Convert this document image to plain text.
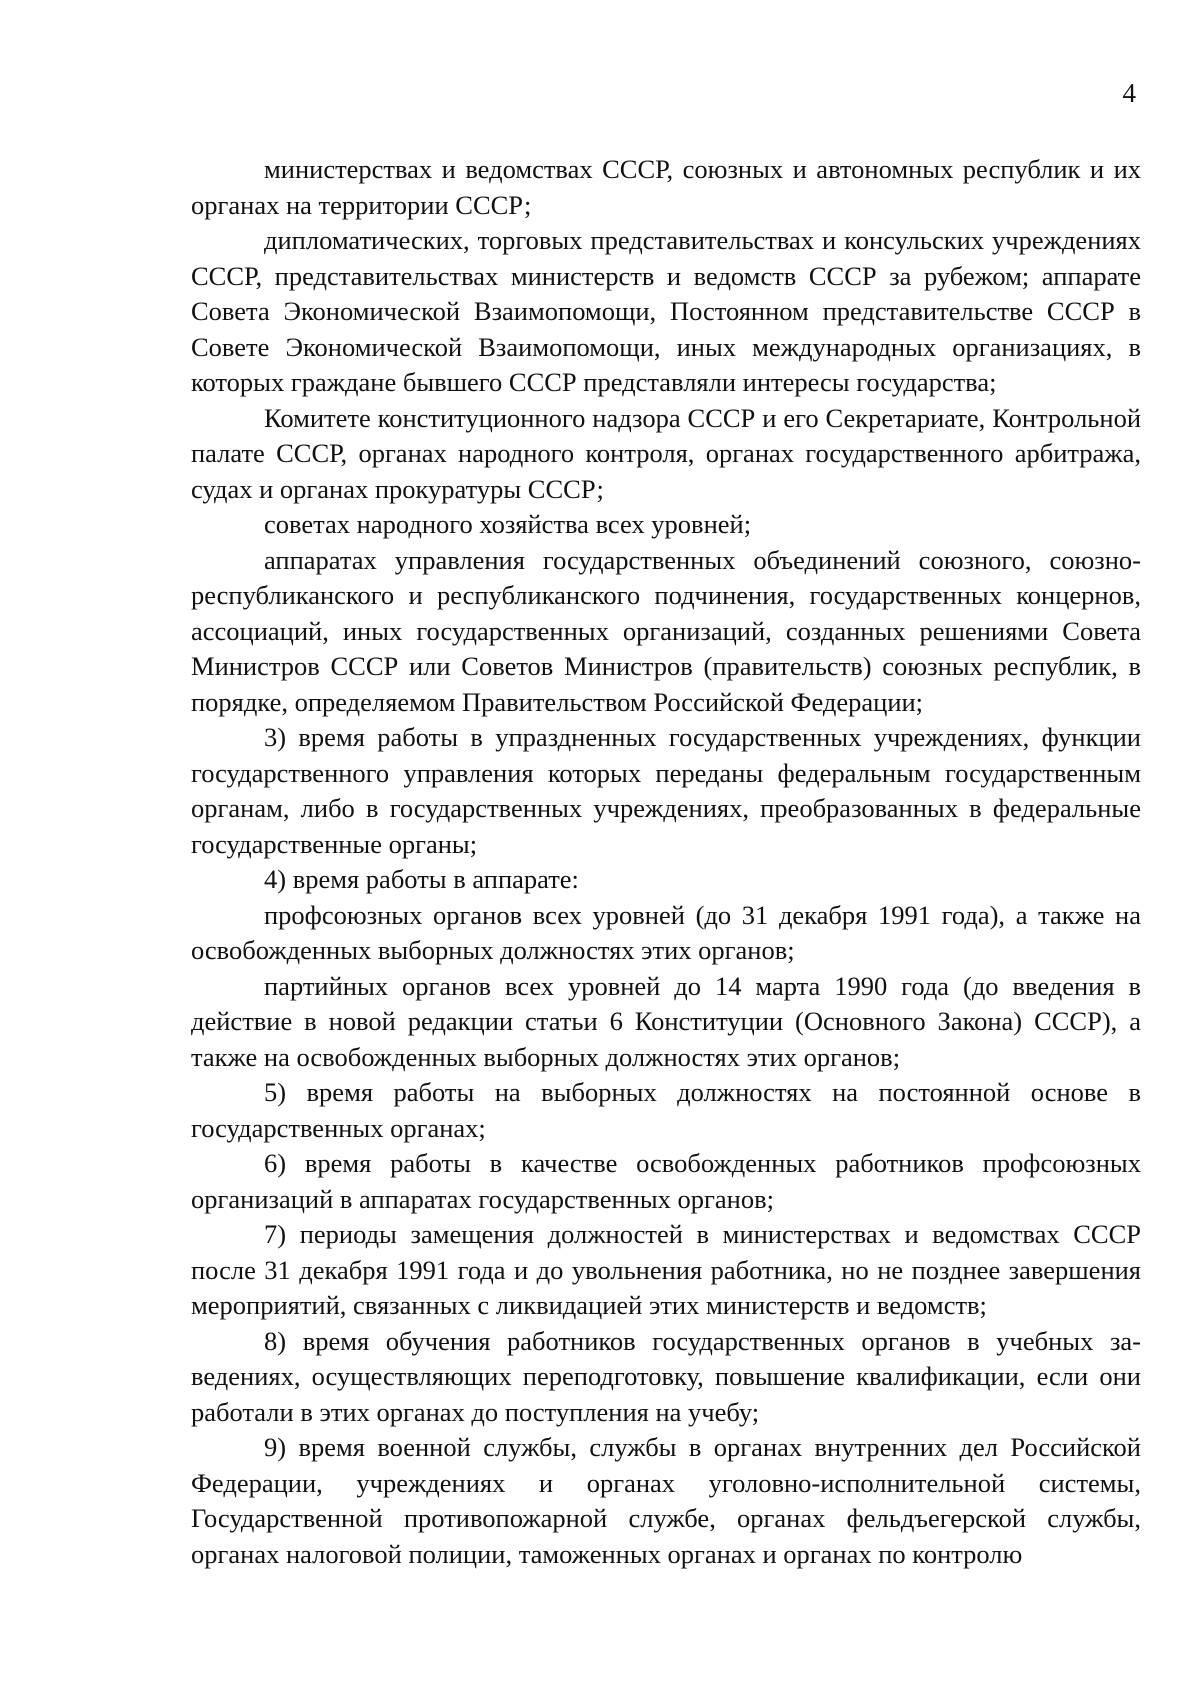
4

министерствах и ведомствах СССР, союзных и автономных республик и их органах на территории СССР;

дипломатических, торговых представительствах и консульских учреждениях СССР, представительствах министерств и ведомств СССР за рубежом; аппарате Совета Экономической Взаимопомощи, Постоянном представительстве СССР в Совете Экономической Взаимопомощи, иных международных организациях, в которых граждане бывшего СССР представляли интересы государства;

Комитете конституционного надзора СССР и его Секретариате, Контрольной палате СССР, органах народного контроля, органах государственного арбитража, судах и органах прокуратуры СССР;

советах народного хозяйства всех уровней;

аппаратах управления государственных объединений союзного, союзно-республиканского и республиканского подчинения, государственных концернов, ассоциаций, иных государственных организаций, созданных решениями Совета Министров СССР или Советов Министров (правительств) союзных республик, в порядке, определяемом Правительством Российской Федерации;

3) время работы в упраздненных государственных учреждениях, функции государственного управления которых переданы федеральным государственным органам, либо в государственных учреждениях, преобразованных в федеральные государственные органы;

4) время работы в аппарате:

профсоюзных органов всех уровней (до 31 декабря 1991 года), а также на освобожденных выборных должностях этих органов;

партийных органов всех уровней до 14 марта 1990 года (до введения в действие в новой редакции статьи 6 Конституции (Основного Закона) СССР), а также на освобожденных выборных должностях этих органов;

5) время работы на выборных должностях на постоянной основе в государственных органах;

6) время работы в качестве освобожденных работников профсоюзных организаций в аппаратах государственных органов;

7) периоды замещения должностей в министерствах и ведомствах СССР после 31 декабря 1991 года и до увольнения работника, но не позднее завершения мероприятий, связанных с ликвидацией этих министерств и ведомств;

8) время обучения работников государственных органов в учебных заведениях, осуществляющих переподготовку, повышение квалификации, если они работали в этих органах до поступления на учебу;

9) время военной службы, службы в органах внутренних дел Российской Федерации, учреждениях и органах уголовно-исполнительной системы, Государственной противопожарной службе, органах фельдъегерской службы, органах налоговой полиции, таможенных органах и органах по контролю
